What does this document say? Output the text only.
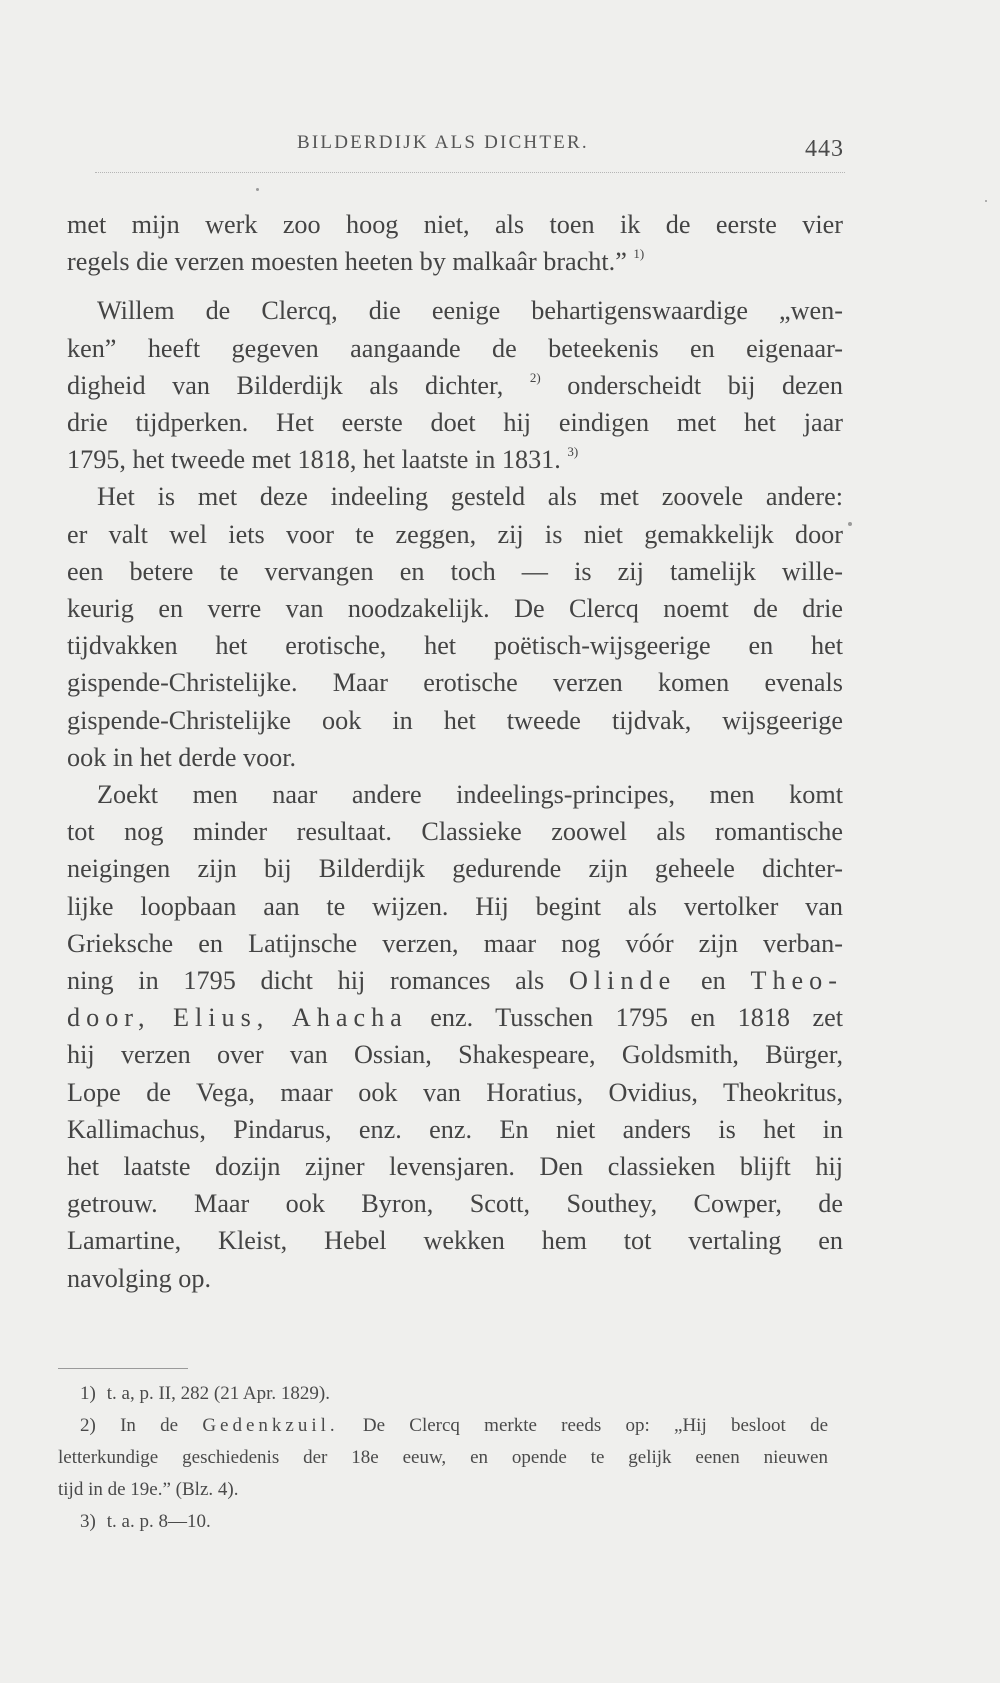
BILDERDIJK ALS DICHTER.	443

met mijn werk zoo hoog niet, als toen ik de eerste vier
regels die verzen moesten heeten by malkaâr bracht.” $^{1)}$

Willem de Clercq, die eenige behartigenswaardige „wen-
ken” heeft gegeven aangaande de beteekenis en eigenaar-
digheid van Bilderdijk als dichter, $^{2)}$ onderscheidt bij dezen
drie tijdperken. Het eerste doet hij eindigen met het jaar
1795, het tweede met 1818, het laatste in 1831. $^{3)}$

Het is met deze indeeling gesteld als met zoovele andere:
er valt wel iets voor te zeggen, zij is niet gemakkelijk door
een betere te vervangen en toch — is zij tamelijk wille-
keurig en verre van noodzakelijk. De Clercq noemt de drie
tijdvakken het erotische, het poëtisch-wijsgeerige en het
gispende-Christelijke. Maar erotische verzen komen evenals
gispende-Christelijke ook in het tweede tijdvak, wijsgeerige
ook in het derde voor.

Zoekt men naar andere indeelings-principes, men komt
tot nog minder resultaat. Classieke zoowel als romantische
neigingen zijn bij Bilderdijk gedurende zijn geheele dichter-
lijke loopbaan aan te wijzen. Hij begint als vertolker van
Grieksche en Latijnsche verzen, maar nog vóór zijn verban-
ning in 1795 dicht hij romances als Olinde en Theo-
door, Elius, Ahacha enz. Tusschen 1795 en 1818 zet
hij verzen over van Ossian, Shakespeare, Goldsmith, Bürger,
Lope de Vega, maar ook van Horatius, Ovidius, Theokritus,
Kallimachus, Pindarus, enz. enz. En niet anders is het in
het laatste dozijn zijner levensjaren. Den classieken blijft hij
getrouw. Maar ook Byron, Scott, Southey, Cowper, de
Lamartine, Kleist, Hebel wekken hem tot vertaling en
navolging op.

1) t. a, p. II, 282 (21 Apr. 1829).

2) In de Gedenkzuil. De Clercq merkte reeds op: „Hij besloot de
letterkundige geschiedenis der 18e eeuw, en opende te gelijk eenen nieuwen
tijd in de 19e.” (Blz. 4).

3) t. a. p. 8—10.
